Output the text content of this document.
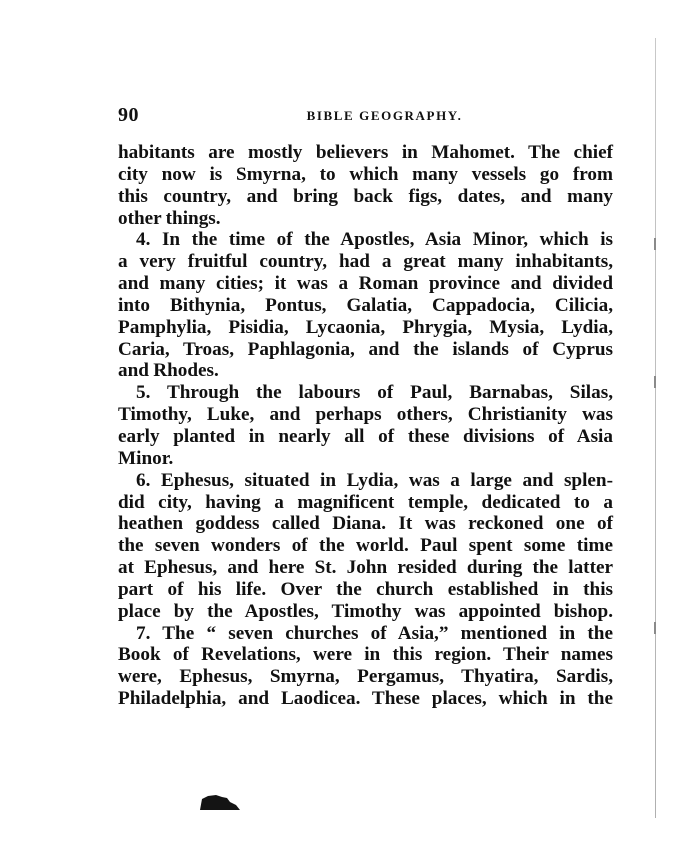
90	BIBLE GEOGRAPHY.
habitants are mostly believers in Mahomet. The chief
city now is Smyrna, to which many vessels go from
this country, and bring back figs, dates, and many
other things.
4. In the time of the Apostles, Asia Minor, which is
a very fruitful country, had a great many inhabitants,
and many cities; it was a Roman province and divided
into Bithynia, Pontus, Galatia, Cappadocia, Cilicia,
Pamphylia, Pisidia, Lycaonia, Phrygia, Mysia, Lydia,
Caria, Troas, Paphlagonia, and the islands of Cyprus
and Rhodes.
5. Through the labours of Paul, Barnabas, Silas,
Timothy, Luke, and perhaps others, Christianity was
early planted in nearly all of these divisions of Asia
Minor.
6. Ephesus, situated in Lydia, was a large and splen-
did city, having a magnificent temple, dedicated to a
heathen goddess called Diana. It was reckoned one of
the seven wonders of the world. Paul spent some time
at Ephesus, and here St. John resided during the latter
part of his life. Over the church established in this
place by the Apostles, Timothy was appointed bishop.
7. The “ seven churches of Asia,” mentioned in the
Book of Revelations, were in this region. Their names
were, Ephesus, Smyrna, Pergamus, Thyatira, Sardis,
Philadelphia, and Laodicea. These places, which in the
